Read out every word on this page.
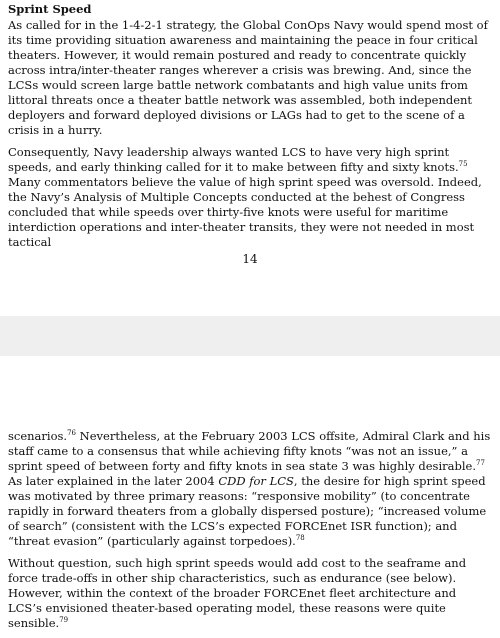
Sprint Speed

As called for in the 1-4-2-1 strategy, the Global ConOps Navy would spend most of its time providing situation awareness and maintaining the peace in four critical theaters. However, it would remain postured and ready to concentrate quickly across intra/inter-theater ranges wherever a crisis was brewing. And, since the LCSs would screen large battle network combatants and high value units from littoral threats once a theater battle network was assembled, both independent deployers and forward deployed divisions or LAGs had to get to the scene of a crisis in a hurry.

Consequently, Navy leadership always wanted LCS to have very high sprint speeds, and early thinking called for it to make between fifty and sixty knots.$^{75}$ Many commentators believe the value of high sprint speed was oversold. Indeed, the Navy’s Analysis of Multiple Concepts conducted at the behest of Congress concluded that while speeds over thirty-five knots were useful for maritime interdiction operations and inter-theater transits, they were not needed in most tactical

14

scenarios.$^{76}$ Nevertheless, at the February 2003 LCS offsite, Admiral Clark and his staff came to a consensus that while achieving fifty knots “was not an issue,” a sprint speed of between forty and fifty knots in sea state 3 was highly desirable.$^{77}$ As later explained in the later 2004 CDD for LCS, the desire for high sprint speed was motivated by three primary reasons: “responsive mobility” (to concentrate rapidly in forward theaters from a globally dispersed posture); “increased volume of search” (consistent with the LCS’s expected FORCEnet ISR function); and “threat evasion” (particularly against torpedoes).$^{78}$

Without question, such high sprint speeds would add cost to the seaframe and force trade-offs in other ship characteristics, such as endurance (see below). However, within the context of the broader FORCEnet fleet architecture and LCS’s envisioned theater-based operating model, these reasons were quite sensible.$^{79}$
